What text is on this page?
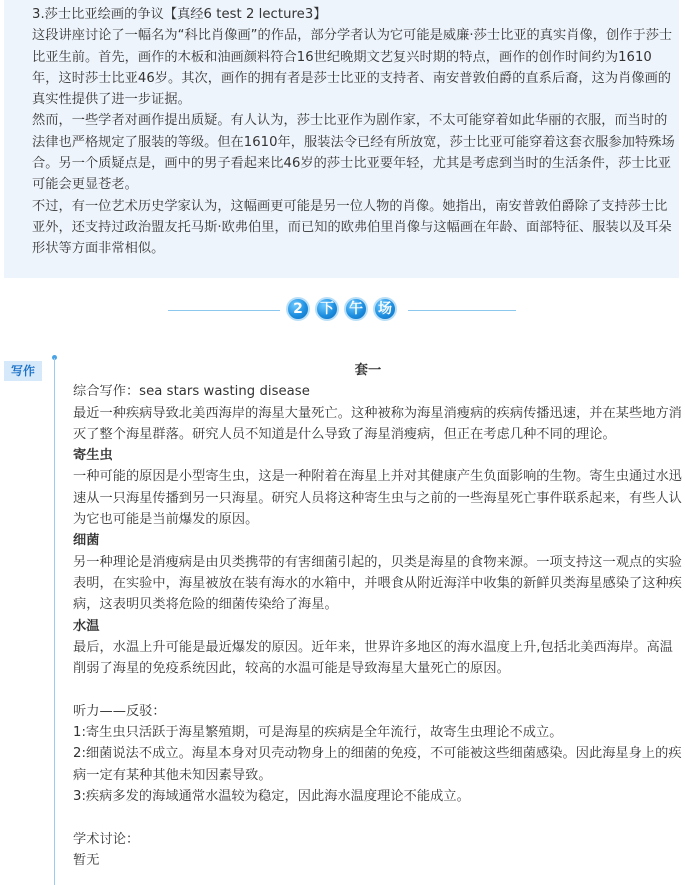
3.莎士比亚绘画的争议【真经6 test 2 lecture3】

这段讲座讨论了一幅名为“科比肖像画”的作品，部分学者认为它可能是威廉·莎士比亚的真实肖像，创作于莎士比亚生前。首先，画作的木板和油画颜料符合16世纪晚期文艺复兴时期的特点，画作的创作时间约为1610年，这时莎士比亚46岁。其次，画作的拥有者是莎士比亚的支持者、南安普敦伯爵的直系后裔，这为肖像画的真实性提供了进一步证据。

然而，一些学者对画作提出质疑。有人认为，莎士比亚作为剧作家，不太可能穿着如此华丽的衣服，而当时的法律也严格规定了服装的等级。但在1610年，服装法令已经有所放宽，莎士比亚可能穿着这套衣服参加特殊场合。另一个质疑点是，画中的男子看起来比46岁的莎士比亚要年轻，尤其是考虑到当时的生活条件，莎士比亚可能会更显苍老。

不过，有一位艺术历史学家认为，这幅画更可能是另一位人物的肖像。她指出，南安普敦伯爵除了支持莎士比亚外，还支持过政治盟友托马斯·欧弗伯里，而已知的欧弗伯里肖像与这幅画在年龄、面部特征、服装以及耳朵形状等方面非常相似。

2	下	午	场
写作	套一

综合写作：sea stars wasting disease

最近一种疾病导致北美西海岸的海星大量死亡。这种被称为海星消瘦病的疾病传播迅速，并在某些地方消灭了整个海星群落。研究人员不知道是什么导致了海星消瘦病，但正在考虑几种不同的理论。

寄生虫

一种可能的原因是小型寄生虫，这是一种附着在海星上并对其健康产生负面影响的生物。寄生虫通过水迅速从一只海星传播到另一只海星。研究人员将这种寄生虫与之前的一些海星死亡事件联系起来，有些人认为它也可能是当前爆发的原因。

细菌

另一种理论是消瘦病是由贝类携带的有害细菌引起的，贝类是海星的食物来源。一项支持这一观点的实验表明，在实验中，海星被放在装有海水的水箱中，并喂食从附近海洋中收集的新鲜贝类海星感染了这种疾病，这表明贝类将危险的细菌传染给了海星。

水温

最后，水温上升可能是最近爆发的原因。近年来，世界许多地区的海水温度上升,包括北美西海岸。高温削弱了海星的免疫系统因此，较高的水温可能是导致海星大量死亡的原因。

听力——反驳：

1:寄生虫只活跃于海星繁殖期，可是海星的疾病是全年流行，故寄生虫理论不成立。

2:细菌说法不成立。海星本身对贝壳动物身上的细菌的免疫，不可能被这些细菌感染。因此海星身上的疾病一定有某种其他未知因素导致。

3:疾病多发的海域通常水温较为稳定，因此海水温度理论不能成立。

学术讨论：

暂无
